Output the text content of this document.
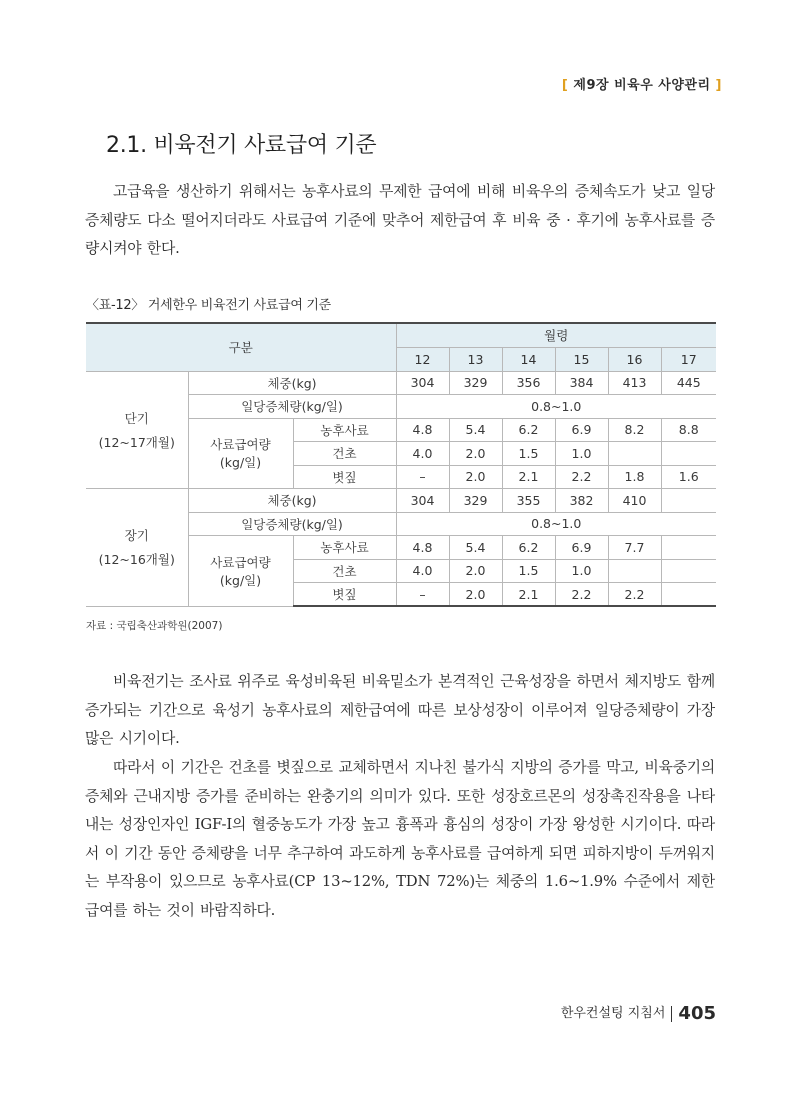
[ 제9장 비육우 사양관리 ]
2.1. 비육전기 사료급여 기준

고급육을 생산하기 위해서는 농후사료의 무제한 급여에 비해 비육우의 증체속도가 낮고 일당증체량도 다소 떨어지더라도 사료급여 기준에 맞추어 제한급여 후 비육 중 · 후기에 농후사료를 증량시켜야 한다.

〈표-12〉 거세한우 비육전기 사료급여 기준
구분			월령					
			12	13	14	15	16	17

단기
(12~17개월)	체중(kg)		304	329	356	384	413	445
	일당증체량(kg/일)		0.8~1.0					

	사료급여량
(kg/일)	농후사료	4.8	5.4	6.2	6.9	8.2	8.8
		건초	4.0	2.0	1.5	1.0		
		볏짚	–	2.0	2.1	2.2	1.8	1.6

장기
(12~16개월)	체중(kg)		304	329	355	382	410	
	일당증체량(kg/일)		0.8~1.0					

	사료급여량
(kg/일)	농후사료	4.8	5.4	6.2	6.9	7.7	
		건초	4.0	2.0	1.5	1.0		
		볏짚	–	2.0	2.1	2.2	2.2	
자료 : 국립축산과학원(2007)

비육전기는 조사료 위주로 육성비육된 비육밑소가 본격적인 근육성장을 하면서 체지방도 함께 증가되는 기간으로 육성기 농후사료의 제한급여에 따른 보상성장이 이루어져 일당증체량이 가장 많은 시기이다.

따라서 이 기간은 건초를 볏짚으로 교체하면서 지나친 불가식 지방의 증가를 막고, 비육중기의 증체와 근내지방 증가를 준비하는 완충기의 의미가 있다. 또한 성장호르몬의 성장촉진작용을 나타내는 성장인자인 IGF-Ⅰ의 혈중농도가 가장 높고 흉폭과 흉심의 성장이 가장 왕성한 시기이다. 따라서 이 기간 동안 증체량을 너무 추구하여 과도하게 농후사료를 급여하게 되면 피하지방이 두꺼워지는 부작용이 있으므로 농후사료(CP 13~12%, TDN 72%)는 체중의 1.6~1.9% 수준에서 제한급여를 하는 것이 바람직하다.

한우컨설팅 지침서 405
